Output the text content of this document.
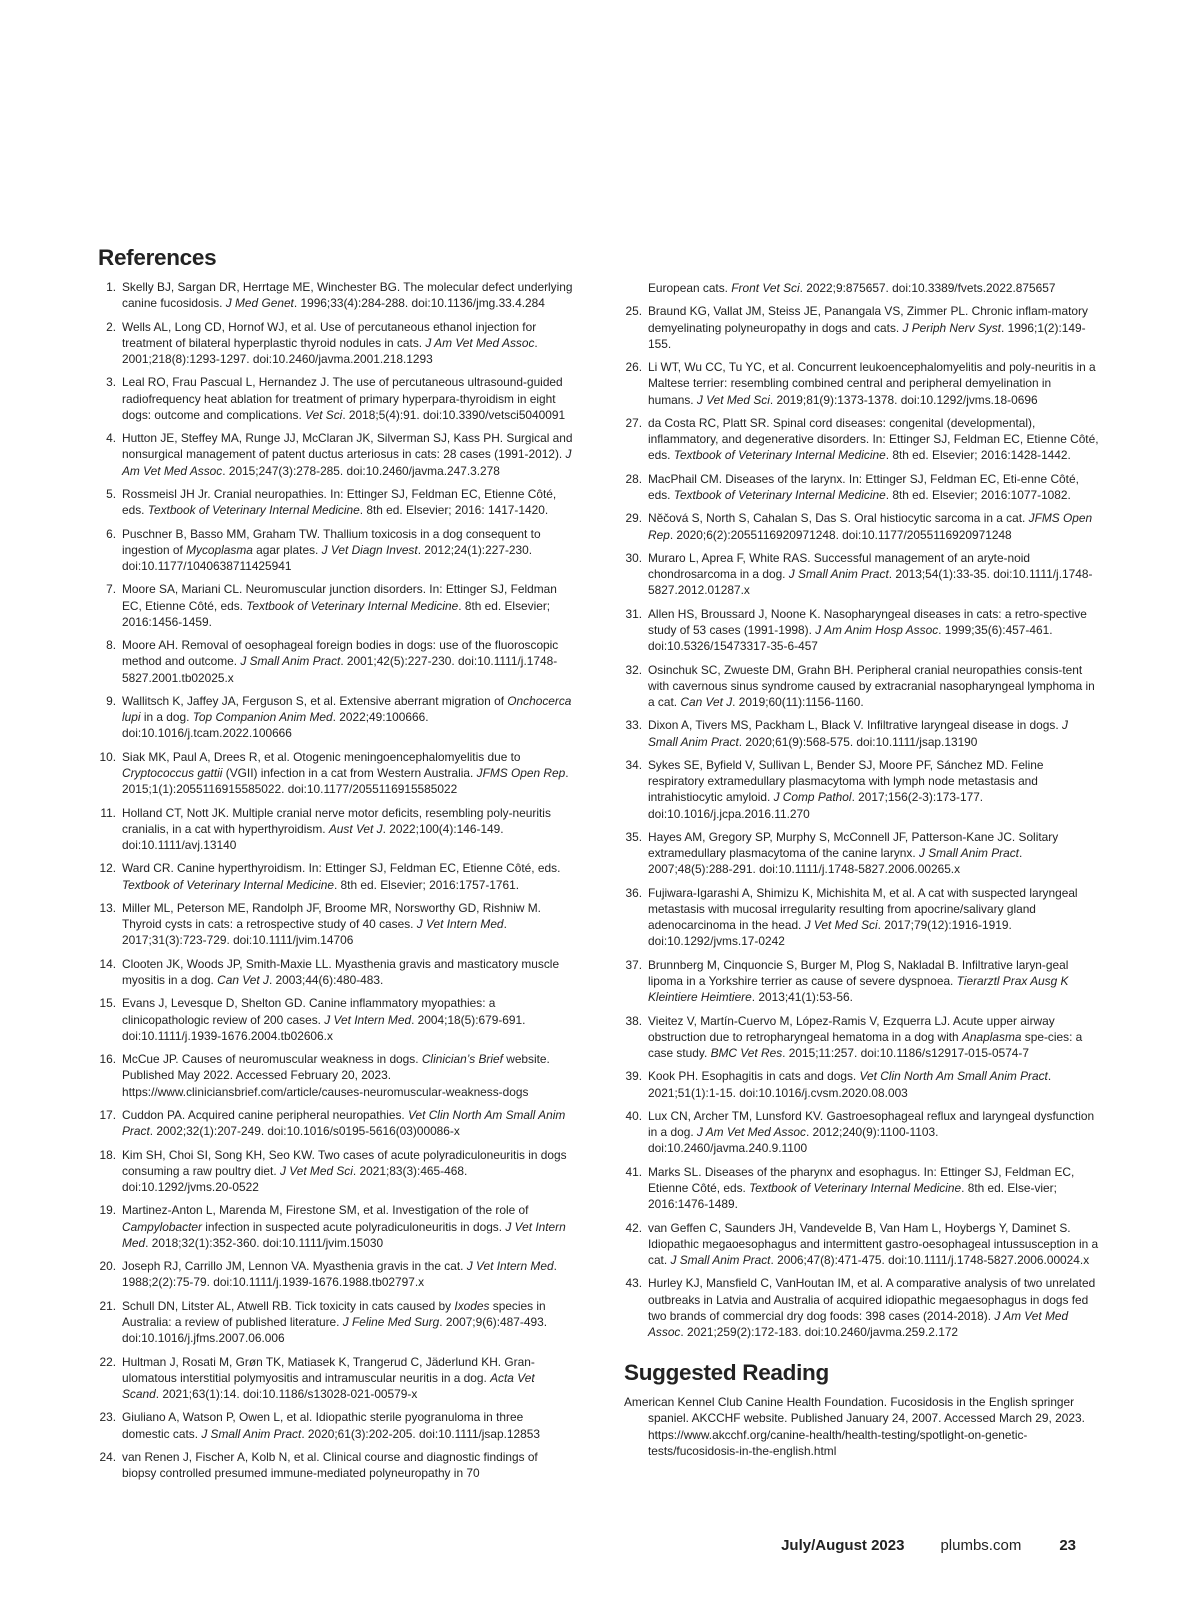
References
1. Skelly BJ, Sargan DR, Herrtage ME, Winchester BG. The molecular defect underlying canine fucosidosis. J Med Genet. 1996;33(4):284-288. doi:10.1136/jmg.33.4.284
2. Wells AL, Long CD, Hornof WJ, et al. Use of percutaneous ethanol injection for treatment of bilateral hyperplastic thyroid nodules in cats. J Am Vet Med Assoc. 2001;218(8):1293-1297. doi:10.2460/javma.2001.218.1293
3. Leal RO, Frau Pascual L, Hernandez J. The use of percutaneous ultrasound-guided radiofrequency heat ablation for treatment of primary hyperpara-thyroidism in eight dogs: outcome and complications. Vet Sci. 2018;5(4):91. doi:10.3390/vetsci5040091
4. Hutton JE, Steffey MA, Runge JJ, McClaran JK, Silverman SJ, Kass PH. Surgical and nonsurgical management of patent ductus arteriosus in cats: 28 cases (1991-2012). J Am Vet Med Assoc. 2015;247(3):278-285. doi:10.2460/javma.247.3.278
5. Rossmeisl JH Jr. Cranial neuropathies. In: Ettinger SJ, Feldman EC, Etienne Côté, eds. Textbook of Veterinary Internal Medicine. 8th ed. Elsevier; 2016: 1417-1420.
6. Puschner B, Basso MM, Graham TW. Thallium toxicosis in a dog consequent to ingestion of Mycoplasma agar plates. J Vet Diagn Invest. 2012;24(1):227-230. doi:10.1177/1040638711425941
7. Moore SA, Mariani CL. Neuromuscular junction disorders. In: Ettinger SJ, Feldman EC, Etienne Côté, eds. Textbook of Veterinary Internal Medicine. 8th ed. Elsevier; 2016:1456-1459.
8. Moore AH. Removal of oesophageal foreign bodies in dogs: use of the fluoroscopic method and outcome. J Small Anim Pract. 2001;42(5):227-230. doi:10.1111/j.1748-5827.2001.tb02025.x
9. Wallitsch K, Jaffey JA, Ferguson S, et al. Extensive aberrant migration of Onchocerca lupi in a dog. Top Companion Anim Med. 2022;49:100666. doi:10.1016/j.tcam.2022.100666
10. Siak MK, Paul A, Drees R, et al. Otogenic meningoencephalomyelitis due to Cryptococcus gattii (VGII) infection in a cat from Western Australia. JFMS Open Rep. 2015;1(1):2055116915585022. doi:10.1177/2055116915585022
11. Holland CT, Nott JK. Multiple cranial nerve motor deficits, resembling poly-neuritis cranialis, in a cat with hyperthyroidism. Aust Vet J. 2022;100(4):146-149. doi:10.1111/avj.13140
12. Ward CR. Canine hyperthyroidism. In: Ettinger SJ, Feldman EC, Etienne Côté, eds. Textbook of Veterinary Internal Medicine. 8th ed. Elsevier; 2016:1757-1761.
13. Miller ML, Peterson ME, Randolph JF, Broome MR, Norsworthy GD, Rishniw M. Thyroid cysts in cats: a retrospective study of 40 cases. J Vet Intern Med. 2017;31(3):723-729. doi:10.1111/jvim.14706
14. Clooten JK, Woods JP, Smith-Maxie LL. Myasthenia gravis and masticatory muscle myositis in a dog. Can Vet J. 2003;44(6):480-483.
15. Evans J, Levesque D, Shelton GD. Canine inflammatory myopathies: a clinicopathologic review of 200 cases. J Vet Intern Med. 2004;18(5):679-691. doi:10.1111/j.1939-1676.2004.tb02606.x
16. McCue JP. Causes of neuromuscular weakness in dogs. Clinician’s Brief website. Published May 2022. Accessed February 20, 2023. https://www.cliniciansbrief.com/article/causes-neuromuscular-weakness-dogs
17. Cuddon PA. Acquired canine peripheral neuropathies. Vet Clin North Am Small Anim Pract. 2002;32(1):207-249. doi:10.1016/s0195-5616(03)00086-x
18. Kim SH, Choi SI, Song KH, Seo KW. Two cases of acute polyradiculoneuritis in dogs consuming a raw poultry diet. J Vet Med Sci. 2021;83(3):465-468. doi:10.1292/jvms.20-0522
19. Martinez-Anton L, Marenda M, Firestone SM, et al. Investigation of the role of Campylobacter infection in suspected acute polyradiculoneuritis in dogs. J Vet Intern Med. 2018;32(1):352-360. doi:10.1111/jvim.15030
20. Joseph RJ, Carrillo JM, Lennon VA. Myasthenia gravis in the cat. J Vet Intern Med. 1988;2(2):75-79. doi:10.1111/j.1939-1676.1988.tb02797.x
21. Schull DN, Litster AL, Atwell RB. Tick toxicity in cats caused by Ixodes species in Australia: a review of published literature. J Feline Med Surg. 2007;9(6):487-493. doi:10.1016/j.jfms.2007.06.006
22. Hultman J, Rosati M, Grøn TK, Matiasek K, Trangerud C, Jäderlund KH. Gran-ulomatous interstitial polymyositis and intramuscular neuritis in a dog. Acta Vet Scand. 2021;63(1):14. doi:10.1186/s13028-021-00579-x
23. Giuliano A, Watson P, Owen L, et al. Idiopathic sterile pyogranuloma in three domestic cats. J Small Anim Pract. 2020;61(3):202-205. doi:10.1111/jsap.12853
24. van Renen J, Fischer A, Kolb N, et al. Clinical course and diagnostic findings of biopsy controlled presumed immune-mediated polyneuropathy in 70
European cats. Front Vet Sci. 2022;9:875657. doi:10.3389/fvets.2022.875657
25. Braund KG, Vallat JM, Steiss JE, Panangala VS, Zimmer PL. Chronic inflam-matory demyelinating polyneuropathy in dogs and cats. J Periph Nerv Syst. 1996;1(2):149-155.
26. Li WT, Wu CC, Tu YC, et al. Concurrent leukoencephalomyelitis and poly-neuritis in a Maltese terrier: resembling combined central and peripheral demyelination in humans. J Vet Med Sci. 2019;81(9):1373-1378. doi:10.1292/jvms.18-0696
27. da Costa RC, Platt SR. Spinal cord diseases: congenital (developmental), inflammatory, and degenerative disorders. In: Ettinger SJ, Feldman EC, Etienne Côté, eds. Textbook of Veterinary Internal Medicine. 8th ed. Elsevier; 2016:1428-1442.
28. MacPhail CM. Diseases of the larynx. In: Ettinger SJ, Feldman EC, Eti-enne Côté, eds. Textbook of Veterinary Internal Medicine. 8th ed. Elsevier; 2016:1077-1082.
29. Nĕčová S, North S, Cahalan S, Das S. Oral histiocytic sarcoma in a cat. JFMS Open Rep. 2020;6(2):2055116920971248. doi:10.1177/2055116920971248
30. Muraro L, Aprea F, White RAS. Successful management of an aryte-noid chondrosarcoma in a dog. J Small Anim Pract. 2013;54(1):33-35. doi:10.1111/j.1748-5827.2012.01287.x
31. Allen HS, Broussard J, Noone K. Nasopharyngeal diseases in cats: a retro-spective study of 53 cases (1991-1998). J Am Anim Hosp Assoc. 1999;35(6):457-461. doi:10.5326/15473317-35-6-457
32. Osinchuk SC, Zwueste DM, Grahn BH. Peripheral cranial neuropathies consis-tent with cavernous sinus syndrome caused by extracranial nasopharyngeal lymphoma in a cat. Can Vet J. 2019;60(11):1156-1160.
33. Dixon A, Tivers MS, Packham L, Black V. Infiltrative laryngeal disease in dogs. J Small Anim Pract. 2020;61(9):568-575. doi:10.1111/jsap.13190
34. Sykes SE, Byfield V, Sullivan L, Bender SJ, Moore PF, Sánchez MD. Feline respiratory extramedullary plasmacytoma with lymph node metastasis and intrahistiocytic amyloid. J Comp Pathol. 2017;156(2-3):173-177. doi:10.1016/j.jcpa.2016.11.270
35. Hayes AM, Gregory SP, Murphy S, McConnell JF, Patterson-Kane JC. Solitary extramedullary plasmacytoma of the canine larynx. J Small Anim Pract. 2007;48(5):288-291. doi:10.1111/j.1748-5827.2006.00265.x
36. Fujiwara-Igarashi A, Shimizu K, Michishita M, et al. A cat with suspected laryngeal metastasis with mucosal irregularity resulting from apocrine/salivary gland adenocarcinoma in the head. J Vet Med Sci. 2017;79(12):1916-1919. doi:10.1292/jvms.17-0242
37. Brunnberg M, Cinquoncie S, Burger M, Plog S, Nakladal B. Infiltrative laryn-geal lipoma in a Yorkshire terrier as cause of severe dyspnoea. Tierarztl Prax Ausg K Kleintiere Heimtiere. 2013;41(1):53-56.
38. Vieitez V, Martín-Cuervo M, López-Ramis V, Ezquerra LJ. Acute upper airway obstruction due to retropharyngeal hematoma in a dog with Anaplasma spe-cies: a case study. BMC Vet Res. 2015;11:257. doi:10.1186/s12917-015-0574-7
39. Kook PH. Esophagitis in cats and dogs. Vet Clin North Am Small Anim Pract. 2021;51(1):1-15. doi:10.1016/j.cvsm.2020.08.003
40. Lux CN, Archer TM, Lunsford KV. Gastroesophageal reflux and laryngeal dysfunction in a dog. J Am Vet Med Assoc. 2012;240(9):1100-1103. doi:10.2460/javma.240.9.1100
41. Marks SL. Diseases of the pharynx and esophagus. In: Ettinger SJ, Feldman EC, Etienne Côté, eds. Textbook of Veterinary Internal Medicine. 8th ed. Else-vier; 2016:1476-1489.
42. van Geffen C, Saunders JH, Vandevelde B, Van Ham L, Hoybergs Y, Daminet S. Idiopathic megaoesophagus and intermittent gastro-oesophageal intussusception in a cat. J Small Anim Pract. 2006;47(8):471-475. doi:10.1111/j.1748-5827.2006.00024.x
43. Hurley KJ, Mansfield C, VanHoutan IM, et al. A comparative analysis of two unrelated outbreaks in Latvia and Australia of acquired idiopathic megaesophagus in dogs fed two brands of commercial dry dog foods: 398 cases (2014-2018). J Am Vet Med Assoc. 2021;259(2):172-183. doi:10.2460/javma.259.2.172
Suggested Reading

American Kennel Club Canine Health Foundation. Fucosidosis in the English springer spaniel. AKCCHF website. Published January 24, 2007. Accessed March 29, 2023. https://www.akcchf.org/canine-health/health-testing/spotlight-on-genetic-tests/fucosidosis-in-the-english.html

July/August 2023 plumbs.com	23
